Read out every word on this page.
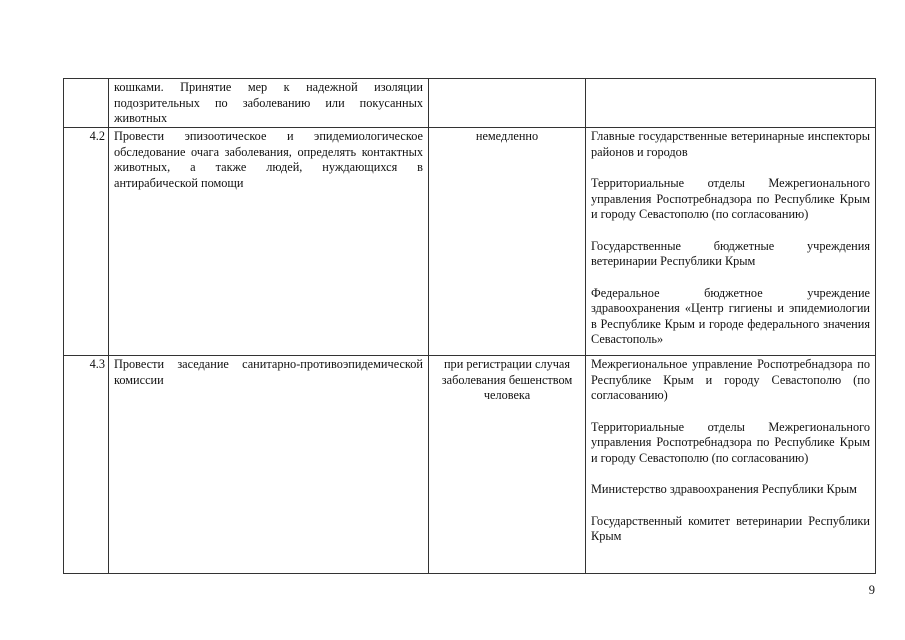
	кошками. Принятие мер к надежной изоляции подозрительных по заболеванию или покусанных животных		
4.2	Провести эпизоотическое и эпидемиологическое обследование очага заболевания, определять контактных животных, а также людей, нуждающихся в антирабической помощи	немедленно	Главные государственные ветеринарные инспекторы районов и городов

Территориальные отделы Межрегионального управления Роспотребнадзора по Республике Крым и городу Севастополю (по согласованию)

Государственные бюджетные учреждения ветеринарии Республики Крым

Федеральное бюджетное учреждение здравоохранения «Центр гигиены и эпидемиологии в Республике Крым и городе федерального значения Севастополь»

4.3	Провести заседание санитарно-противоэпидемической комиссии	при регистрации случая заболевания бешенством человека	Межрегиональное управление Роспотребнадзора по Республике Крым и городу Севастополю (по согласованию)

Территориальные отделы Межрегионального управления Роспотребнадзора по Республике Крым и городу Севастополю (по согласованию)

Министерство здравоохранения Республики Крым

Государственный комитет ветеринарии Республики Крым

9
